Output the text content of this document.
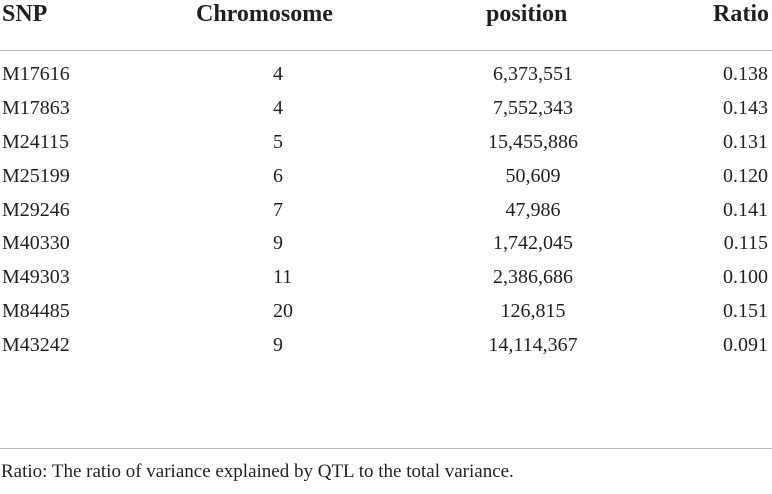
SNP	Chromosome	position	Ratio
M17616	4	6,373,551	0.138
M17863	4	7,552,343	0.143
M24115	5	15,455,886	0.131
M25199	6	50,609	0.120
M29246	7	47,986	0.141
M40330	9	1,742,045	0.115
M49303	11	2,386,686	0.100
M84485	20	126,815	0.151
M43242	9	14,114,367	0.091
Ratio: The ratio of variance explained by QTL to the total variance.
